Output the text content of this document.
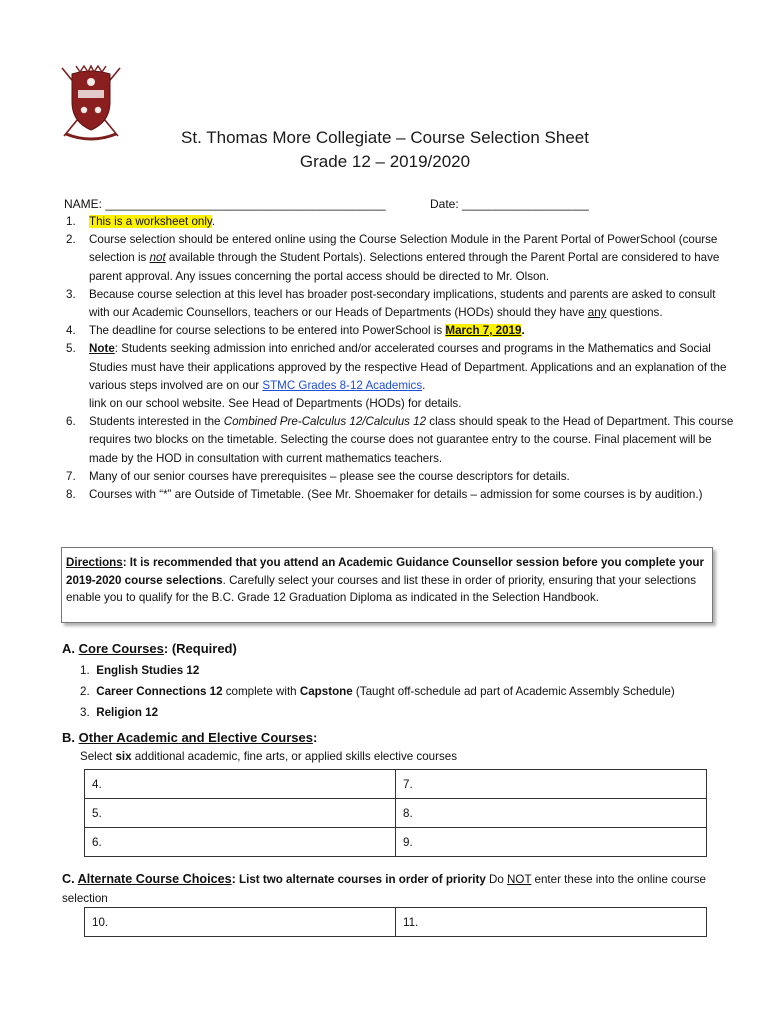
St. Thomas More Collegiate – Course Selection Sheet
Grade 12 – 2019/2020
NAME: __________________________________________	Date: ___________________
1. This is a worksheet only.
2. Course selection should be entered online using the Course Selection Module in the Parent Portal of PowerSchool (course selection is not available through the Student Portals). Selections entered through the Parent Portal are considered to have parent approval. Any issues concerning the portal access should be directed to Mr. Olson.
3. Because course selection at this level has broader post-secondary implications, students and parents are asked to consult with our Academic Counsellors, teachers or our Heads of Departments (HODs) should they have any questions.
4. The deadline for course selections to be entered into PowerSchool is March 7, 2019.
5. Note: Students seeking admission into enriched and/or accelerated courses and programs in the Mathematics and Social Studies must have their applications approved by the respective Head of Department. Applications and an explanation of the various steps involved are on our STMC Grades 8-12 Academics.
link on our school website. See Head of Departments (HODs) for details.
6. Students interested in the Combined Pre-Calculus 12/Calculus 12 class should speak to the Head of Department. This course requires two blocks on the timetable. Selecting the course does not guarantee entry to the course. Final placement will be made by the HOD in consultation with current mathematics teachers.
7. Many of our senior courses have prerequisites – please see the course descriptors for details.
8. Courses with “*” are Outside of Timetable. (See Mr. Shoemaker for details – admission for some courses is by audition.)
Directions: It is recommended that you attend an Academic Guidance Counsellor session before you complete your 2019-2020 course selections. Carefully select your courses and list these in order of priority, ensuring that your selections enable you to qualify for the B.C. Grade 12 Graduation Diploma as indicated in the Selection Handbook.
A. Core Courses: (Required)
1. English Studies 12
2. Career Connections 12 complete with Capstone (Taught off-schedule ad part of Academic Assembly Schedule)
3. Religion 12
B. Other Academic and Elective Courses:
Select six additional academic, fine arts, or applied skills elective courses
4.	7.
5.	8.
6.	9.
C. Alternate Course Choices: List two alternate courses in order of priority Do NOT enter these into the online course selection
10.	11.
